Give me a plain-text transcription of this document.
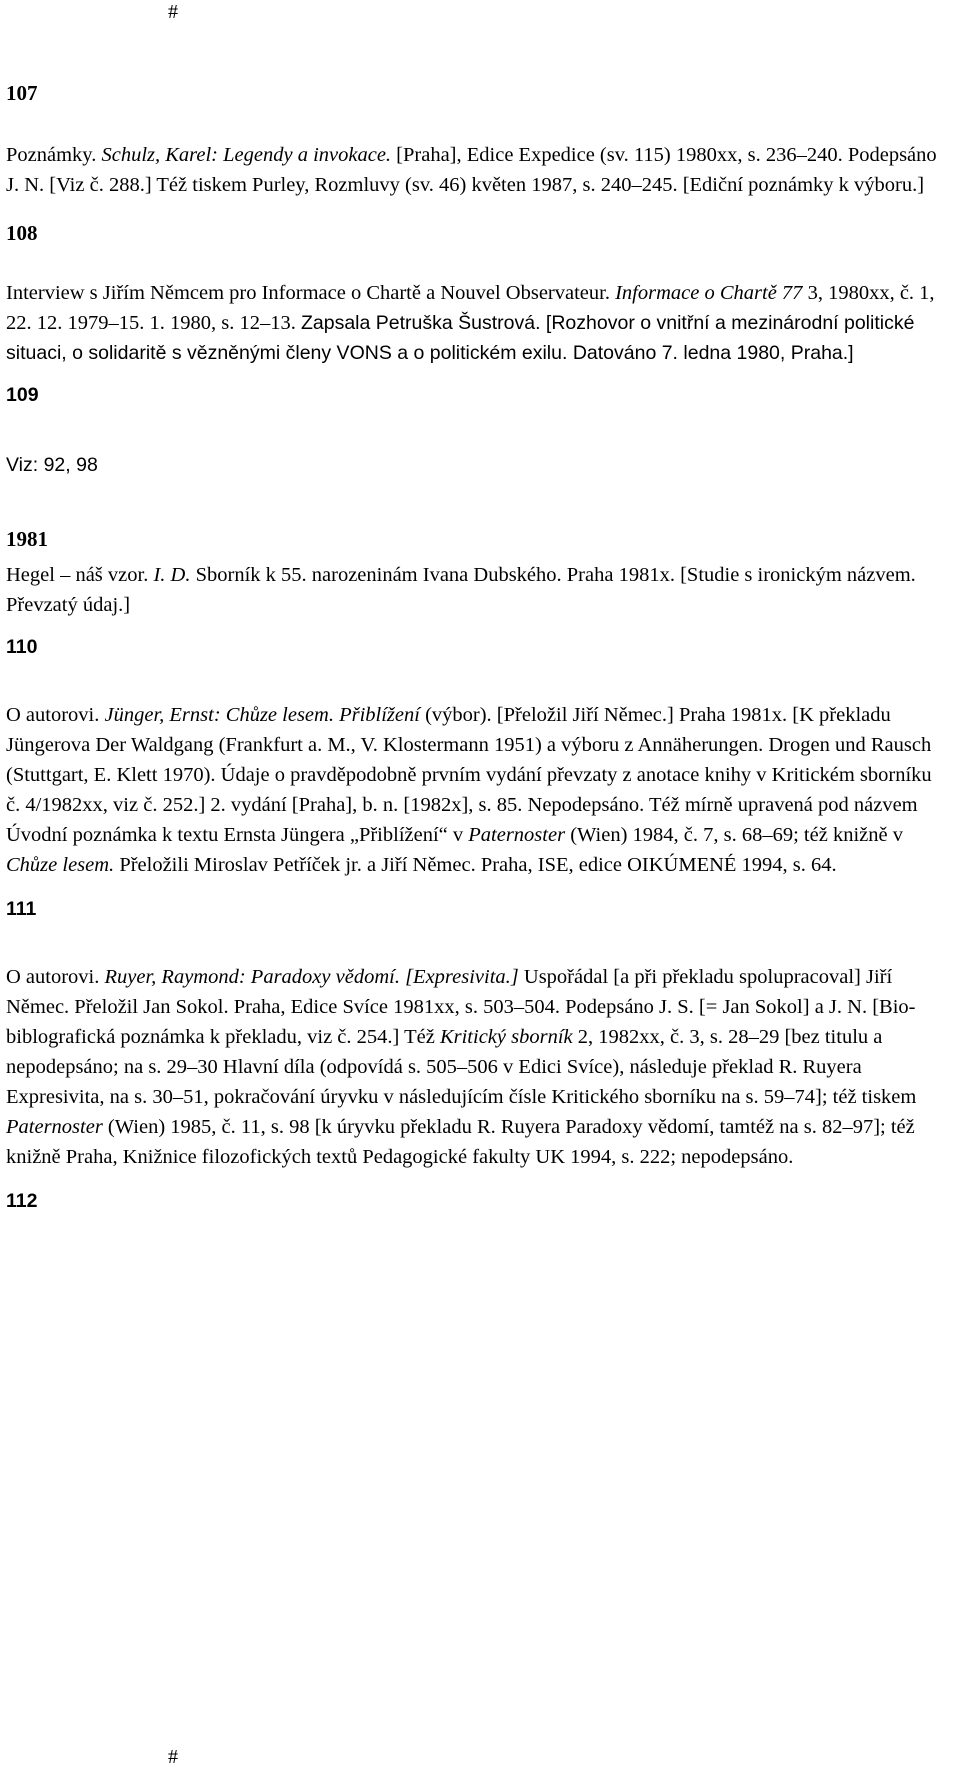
#

107

Poznámky. Schulz, Karel: Legendy a invokace. [Praha], Edice Expedice (sv. 115) 1980xx, s. 236–240. Podepsáno J. N. [Viz č. 288.] Též tiskem Purley, Rozmluvy (sv. 46) květen 1987, s. 240–245. [Ediční poznámky k výboru.]

108

Interview s Jiřím Němcem pro Informace o Chartě a Nouvel Observateur. Informace o Chartě 77 3, 1980xx, č. 1, 22. 12. 1979–15. 1. 1980, s. 12–13. Zapsala Petruška Šustrová. [Rozhovor o vnitřní a mezinárodní politické situaci, o solidaritě s vězněnými členy VONS a o politickém exilu. Datováno 7. ledna 1980, Praha.]

109

Viz: 92, 98

1981

Hegel – náš vzor. I. D. Sborník k 55. narozeninám Ivana Dubského. Praha 1981x. [Studie s ironickým názvem. Převzatý údaj.]

110

O autorovi. Jünger, Ernst: Chůze lesem. Přiblížení (výbor). [Přeložil Jiří Němec.] Praha 1981x. [K překladu Jüngerova Der Waldgang (Frankfurt a. M., V. Klostermann 1951) a výboru z Annäherungen. Drogen und Rausch (Stuttgart, E. Klett 1970). Údaje o pravděpodobně prvním vydání převzaty z anotace knihy v Kritickém sborníku č. 4/1982xx, viz č. 252.] 2. vydání [Praha], b. n. [1982x], s. 85. Nepodepsáno. Též mírně upravená pod názvem Úvodní poznámka k textu Ernsta Jüngera „Přiblížení“ v Paternoster (Wien) 1984, č. 7, s. 68–69; též knižně v Chůze lesem. Přeložili Miroslav Petříček jr. a Jiří Němec. Praha, ISE, edice OIKÚMENÉ 1994, s. 64.

111

O autorovi. Ruyer, Raymond: Paradoxy vědomí. [Expresivita.] Uspořádal [a při překladu spolupracoval] Jiří Němec. Přeložil Jan Sokol. Praha, Edice Svíce 1981xx, s. 503–504. Podepsáno J. S. [= Jan Sokol] a J. N. [Bio-biblografická poznámka k překladu, viz č. 254.] Též Kritický sborník 2, 1982xx, č. 3, s. 28–29 [bez titulu a nepodepsáno; na s. 29–30 Hlavní díla (odpovídá s. 505–506 v Edici Svíce), následuje překlad R. Ruyera Expresivita, na s. 30–51, pokračování úryvku v následujícím čísle Kritického sborníku na s. 59–74]; též tiskem Paternoster (Wien) 1985, č. 11, s. 98 [k úryvku překladu R. Ruyera Paradoxy vědomí, tamtéž na s. 82–97]; též knižně Praha, Knižnice filozofických textů Pedagogické fakulty UK 1994, s. 222; nepodepsáno.

112

#
